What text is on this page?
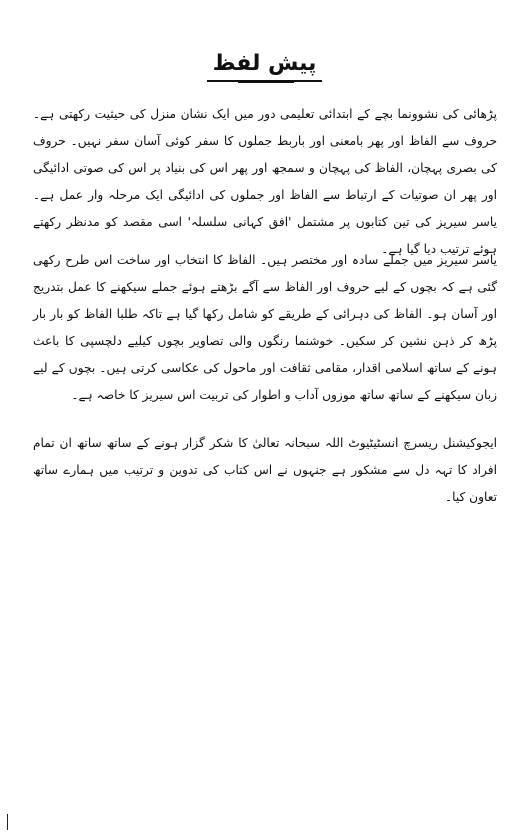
پیش لفظ

پڑھائی کی نشوونما بچے کے ابتدائی تعلیمی دور میں ایک نشان منزل کی حیثیت رکھتی ہے۔ حروف سے الفاظ اور پھر بامعنی اور باربط جملوں کا سفر کوئی آسان سفر نہیں۔ حروف کی بصری پہچان، الفاظ کی پہچان و سمجھ اور پھر اس کی بنیاد پر اس کی صوتی ادائیگی اور پھر ان صوتیات کے ارتباط سے الفاظ اور جملوں کی ادائیگی ایک مرحلہ وار عمل ہے۔ یاسر سیریز کی تین کتابوں پر مشتمل 'افق کہانی سلسلہ' اسی مقصد کو مدنظر رکھتے ہوئے ترتیب دیا گیا ہے۔

یاسر سیریز میں جملے سادہ اور مختصر ہیں۔ الفاظ کا انتخاب اور ساخت اس طرح رکھی گئی ہے کہ بچوں کے لیے حروف اور الفاظ سے آگے بڑھتے ہوئے جملے سیکھنے کا عمل بتدریج اور آسان ہو۔ الفاظ کی دہرائی کے طریقے کو شامل رکھا گیا ہے تاکہ طلبا الفاظ کو بار بار پڑھ کر ذہن نشین کر سکیں۔ خوشنما رنگوں والی تصاویر بچوں کیلیے دلچسپی کا باعث ہونے کے ساتھ اسلامی اقدار، مقامی ثقافت اور ماحول کی عکاسی کرتی ہیں۔ بچوں کے لیے زبان سیکھنے کے ساتھ ساتھ موزوں آداب و اطوار کی تربیت اس سیریز کا خاصہ ہے۔

ایجوکیشنل ریسرچ انسٹیٹیوٹ اللہ سبحانہ تعالیٰ کا شکر گزار ہونے کے ساتھ ساتھ ان تمام افراد کا تہہ دل سے مشکور ہے جنہوں نے اس کتاب کی تدوین و ترتیب میں ہمارے ساتھ تعاون کیا۔
